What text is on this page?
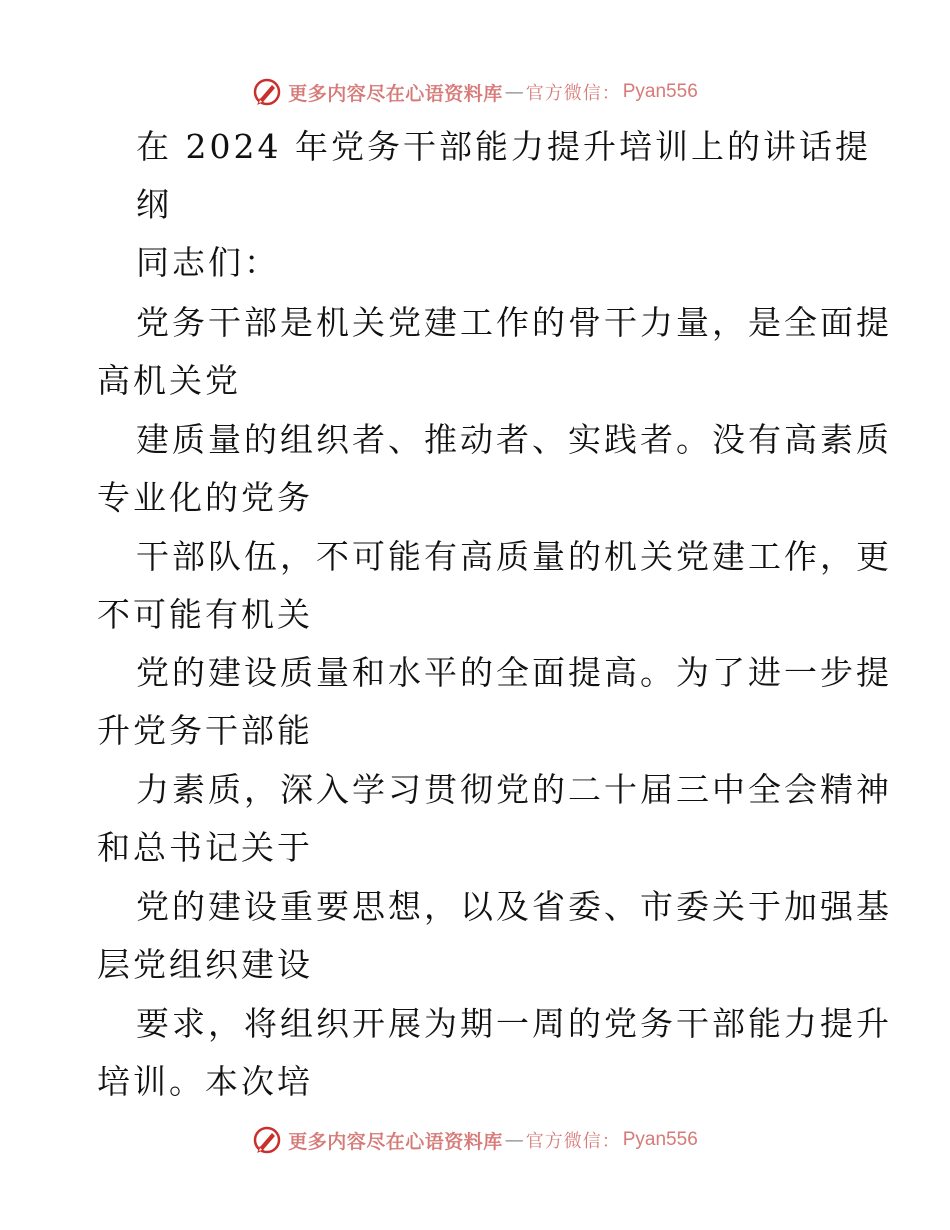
更多内容尽在心语资料库 — 官方微信： Pyan556
在 2024 年党务干部能力提升培训上的讲话提
纲
同志们：
党务干部是机关党建工作的骨干力量，是全面提
高机关党
建质量的组织者、推动者、实践者。没有高素质
专业化的党务
干部队伍，不可能有高质量的机关党建工作，更
不可能有机关
党的建设质量和水平的全面提高。为了进一步提
升党务干部能
力素质，深入学习贯彻党的二十届三中全会精神
和总书记关于
党的建设重要思想，以及省委、市委关于加强基
层党组织建设
要求，将组织开展为期一周的党务干部能力提升
培训。本次培
更多内容尽在心语资料库 — 官方微信： Pyan556
